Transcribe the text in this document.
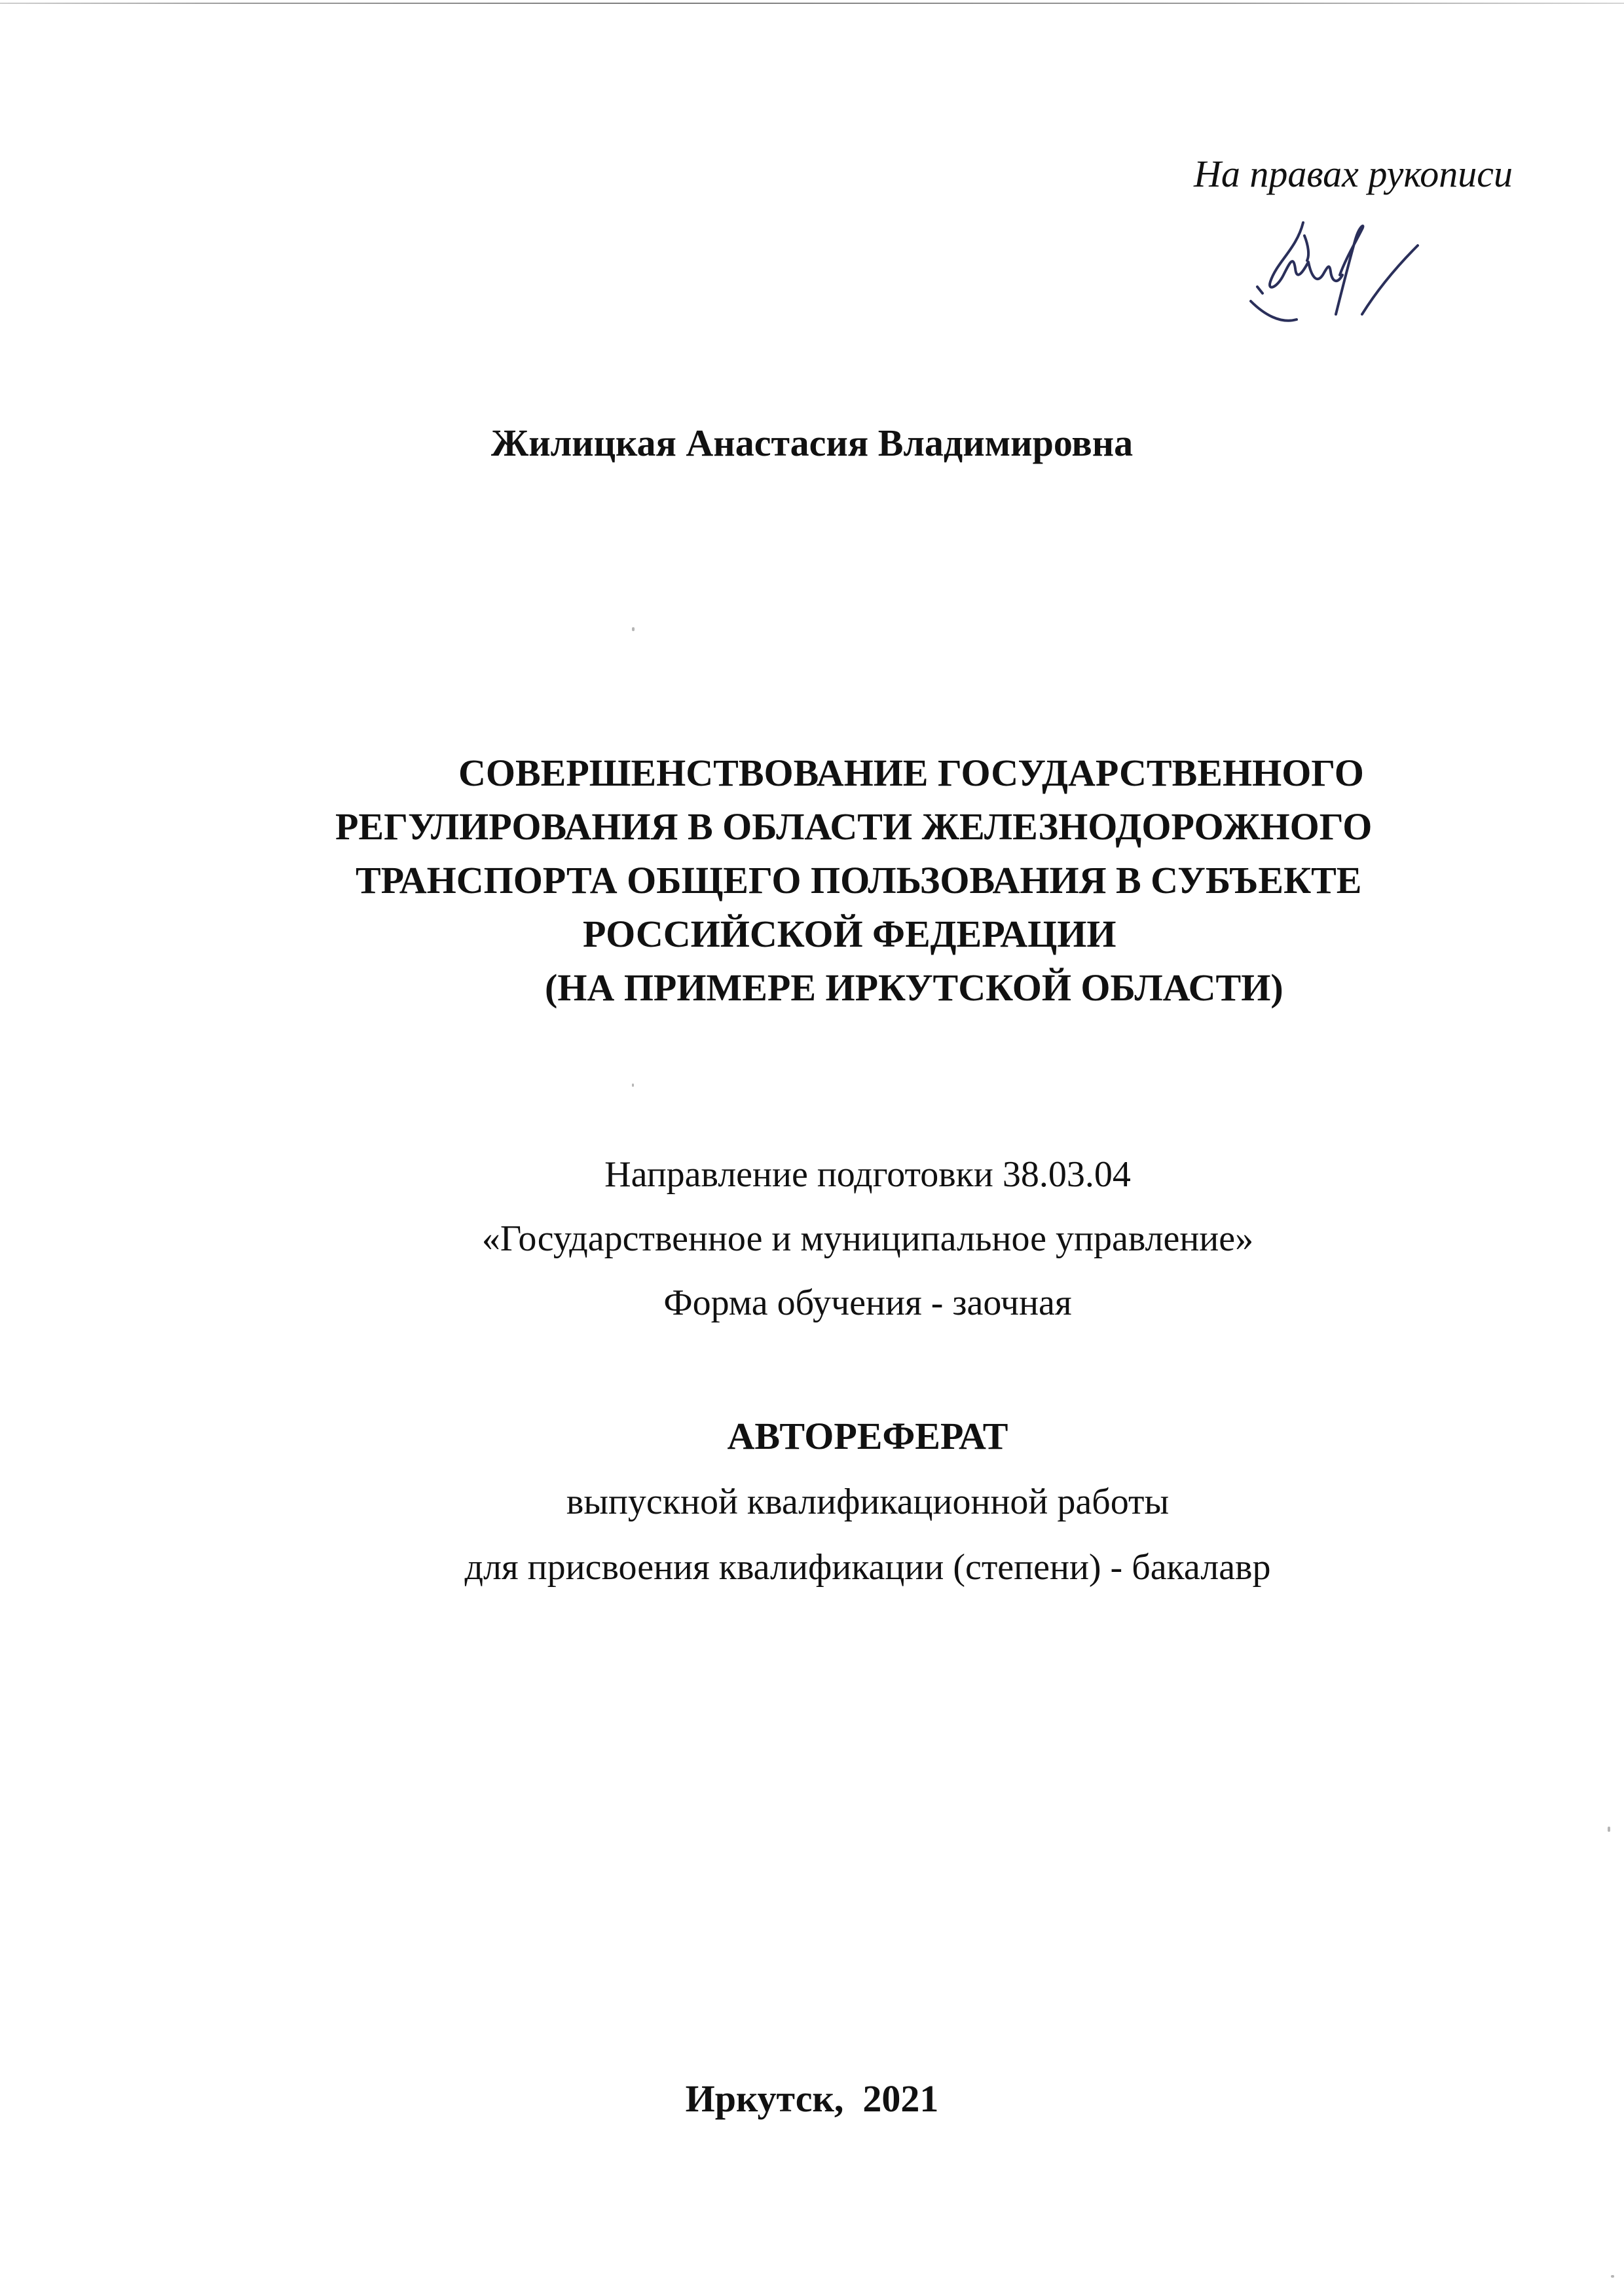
На правах рукописи
Жилицкая Анастасия Владимировна
СОВЕРШЕНСТВОВАНИЕ ГОСУДАРСТВЕННОГО
РЕГУЛИРОВАНИЯ В ОБЛАСТИ ЖЕЛЕЗНОДОРОЖНОГО
ТРАНСПОРТА ОБЩЕГО ПОЛЬЗОВАНИЯ В СУБЪЕКТЕ
РОССИЙСКОЙ ФЕДЕРАЦИИ
(НА ПРИМЕРЕ ИРКУТСКОЙ ОБЛАСТИ)
Направление подготовки 38.03.04
«Государственное и муниципальное управление»
Форма обучения - заочная
АВТОРЕФЕРАТ
выпускной квалификационной работы
для присвоения квалификации (степени) - бакалавр
Иркутск,  2021
